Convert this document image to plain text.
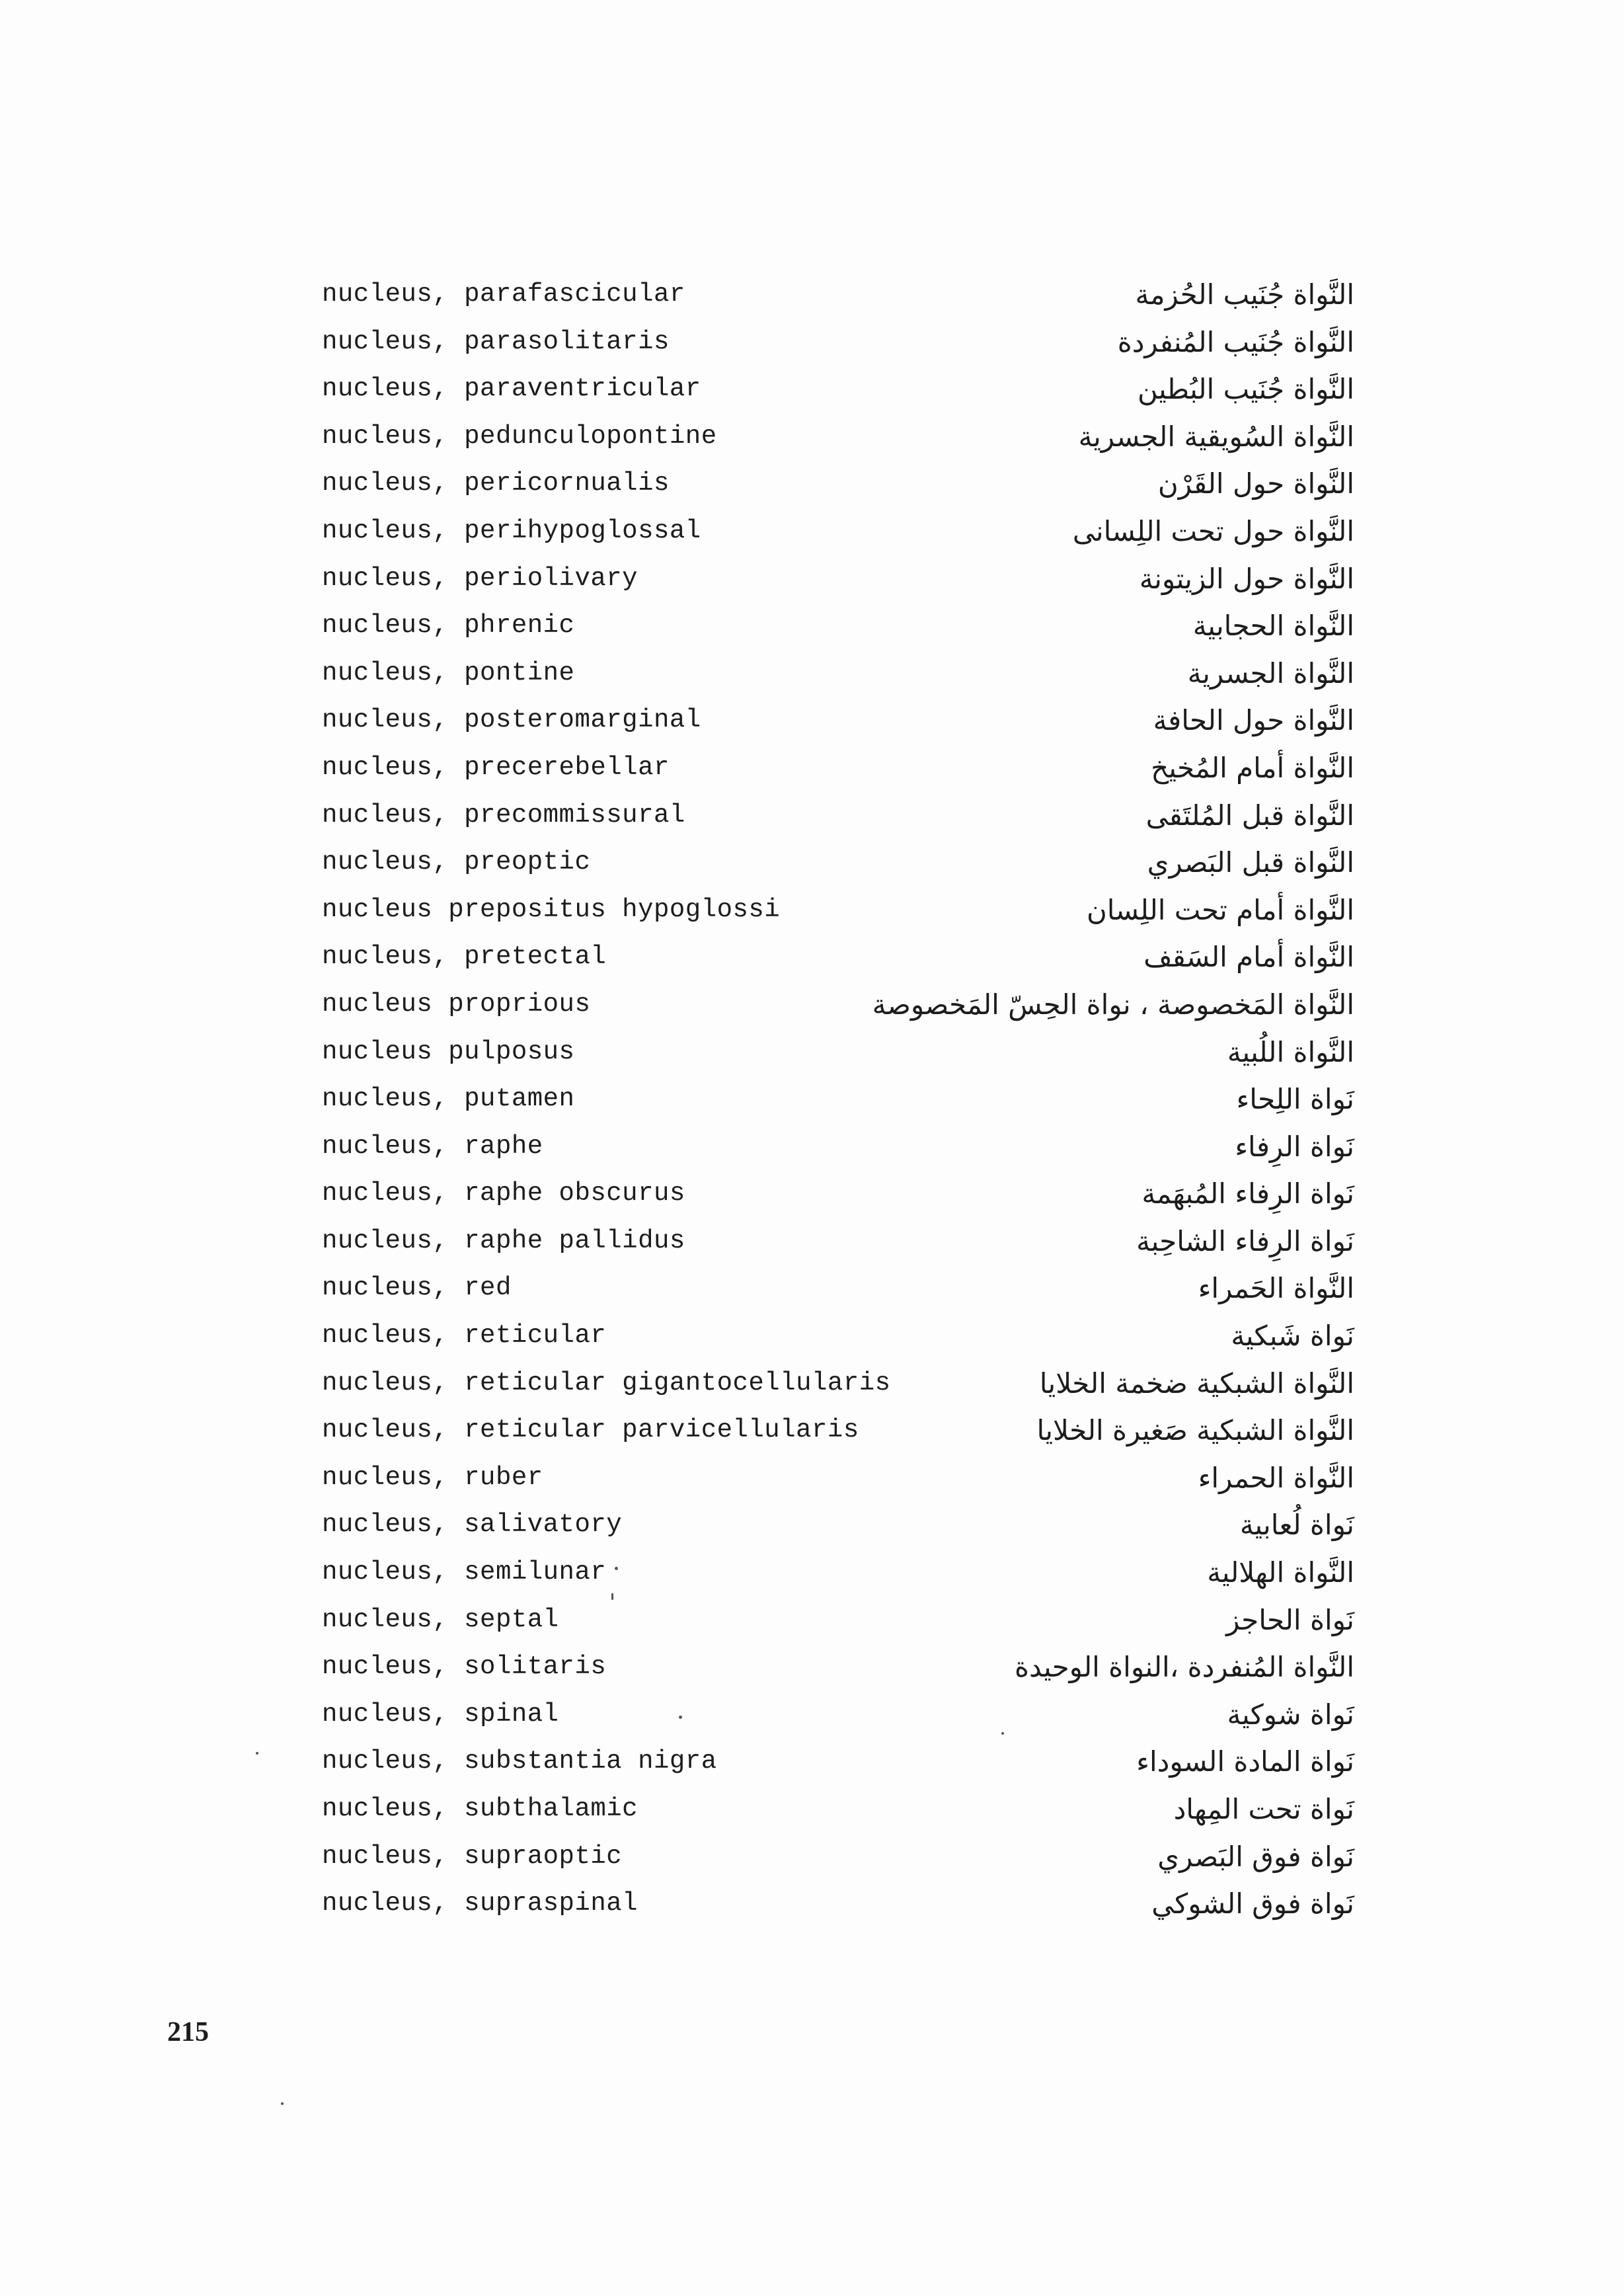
nucleus, parafascicular	النَّواة جُنَيب الحُزمة
nucleus, parasolitaris	النَّواة جُنَيب المُنفردة
nucleus, paraventricular	النَّواة جُنَيب البُطين
nucleus, pedunculopontine	النَّواة السُويقية الجسرية
nucleus, pericornualis	النَّواة حول القَرْن
nucleus, perihypoglossal	النَّواة حول تحت اللِسانى
nucleus, periolivary	النَّواة حول الزيتونة
nucleus, phrenic	النَّواة الحجابية
nucleus, pontine	النَّواة الجسرية
nucleus, posteromarginal	النَّواة حول الحافة
nucleus, precerebellar	النَّواة أمام المُخيخ
nucleus, precommissural	النَّواة قبل المُلتَقى
nucleus, preoptic	النَّواة قبل البَصري
nucleus prepositus hypoglossi	النَّواة أمام تحت اللِسان
nucleus, pretectal	النَّواة أمام السَقف
nucleus proprious	النَّواة المَخصوصة ، نواة الحِسّ المَخصوصة
nucleus pulposus	النَّواة اللُبية
nucleus, putamen	نَواة اللِحاء
nucleus, raphe	نَواة الرِفاء
nucleus, raphe obscurus	نَواة الرِفاء المُبهَمة
nucleus, raphe pallidus	نَواة الرِفاء الشاحِبة
nucleus, red	النَّواة الحَمراء
nucleus, reticular	نَواة شَبكية
nucleus, reticular gigantocellularis	النَّواة الشبكية ضخمة الخلايا
nucleus, reticular parvicellularis	النَّواة الشبكية صَغيرة الخلايا
nucleus, ruber	النَّواة الحمراء
nucleus, salivatory	نَواة لُعابية
nucleus, semilunar	النَّواة الهلالية
nucleus, septal	نَواة الحاجز
nucleus, solitaris	النَّواة المُنفردة ،النواة الوحيدة
nucleus, spinal	نَواة شوكية
nucleus, substantia nigra	نَواة المادة السوداء
nucleus, subthalamic	نَواة تحت المِهاد
nucleus, supraoptic	نَواة فوق البَصري
nucleus, supraspinal	نَواة فوق الشوكي
215
